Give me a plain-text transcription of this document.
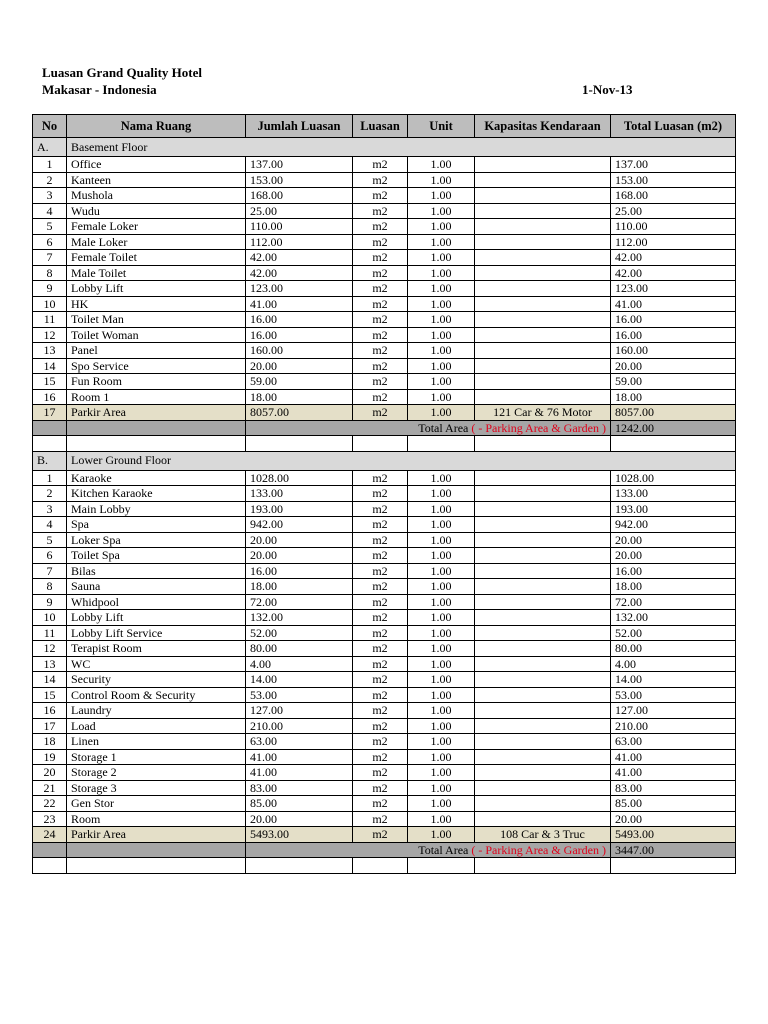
Luasan Grand Quality Hotel
Makasar - Indonesia	1-Nov-13
No	Nama Ruang	Jumlah Luasan	Luasan	Unit	Kapasitas Kendaraan	Total Luasan (m2)
A.	Basement Floor					
1	Office	137.00	m2	1.00		137.00
2	Kanteen	153.00	m2	1.00		153.00
3	Mushola	168.00	m2	1.00		168.00
4	Wudu	25.00	m2	1.00		25.00
5	Female Loker	110.00	m2	1.00		110.00
6	Male Loker	112.00	m2	1.00		112.00
7	Female Toilet	42.00	m2	1.00		42.00
8	Male Toilet	42.00	m2	1.00		42.00
9	Lobby Lift	123.00	m2	1.00		123.00
10	HK	41.00	m2	1.00		41.00
11	Toilet Man	16.00	m2	1.00		16.00
12	Toilet Woman	16.00	m2	1.00		16.00
13	Panel	160.00	m2	1.00		160.00
14	Spo Service	20.00	m2	1.00		20.00
15	Fun Room	59.00	m2	1.00		59.00
16	Room 1	18.00	m2	1.00		18.00
17	Parkir Area	8057.00	m2	1.00	121 Car & 76 Motor	8057.00
		Total Area ( - Parking Area & Garden )				1242.00

B.	Lower Ground Floor					
1	Karaoke	1028.00	m2	1.00		1028.00
2	Kitchen Karaoke	133.00	m2	1.00		133.00
3	Main Lobby	193.00	m2	1.00		193.00
4	Spa	942.00	m2	1.00		942.00
5	Loker Spa	20.00	m2	1.00		20.00
6	Toilet Spa	20.00	m2	1.00		20.00
7	Bilas	16.00	m2	1.00		16.00
8	Sauna	18.00	m2	1.00		18.00
9	Whidpool	72.00	m2	1.00		72.00
10	Lobby Lift	132.00	m2	1.00		132.00
11	Lobby Lift Service	52.00	m2	1.00		52.00
12	Terapist Room	80.00	m2	1.00		80.00
13	WC	4.00	m2	1.00		4.00
14	Security	14.00	m2	1.00		14.00
15	Control Room & Security	53.00	m2	1.00		53.00
16	Laundry	127.00	m2	1.00		127.00
17	Load	210.00	m2	1.00		210.00
18	Linen	63.00	m2	1.00		63.00
19	Storage 1	41.00	m2	1.00		41.00
20	Storage 2	41.00	m2	1.00		41.00
21	Storage 3	83.00	m2	1.00		83.00
22	Gen Stor	85.00	m2	1.00		85.00
23	Room	20.00	m2	1.00		20.00
24	Parkir Area	5493.00	m2	1.00	108 Car & 3 Truc	5493.00
		Total Area ( - Parking Area & Garden )				3447.00
